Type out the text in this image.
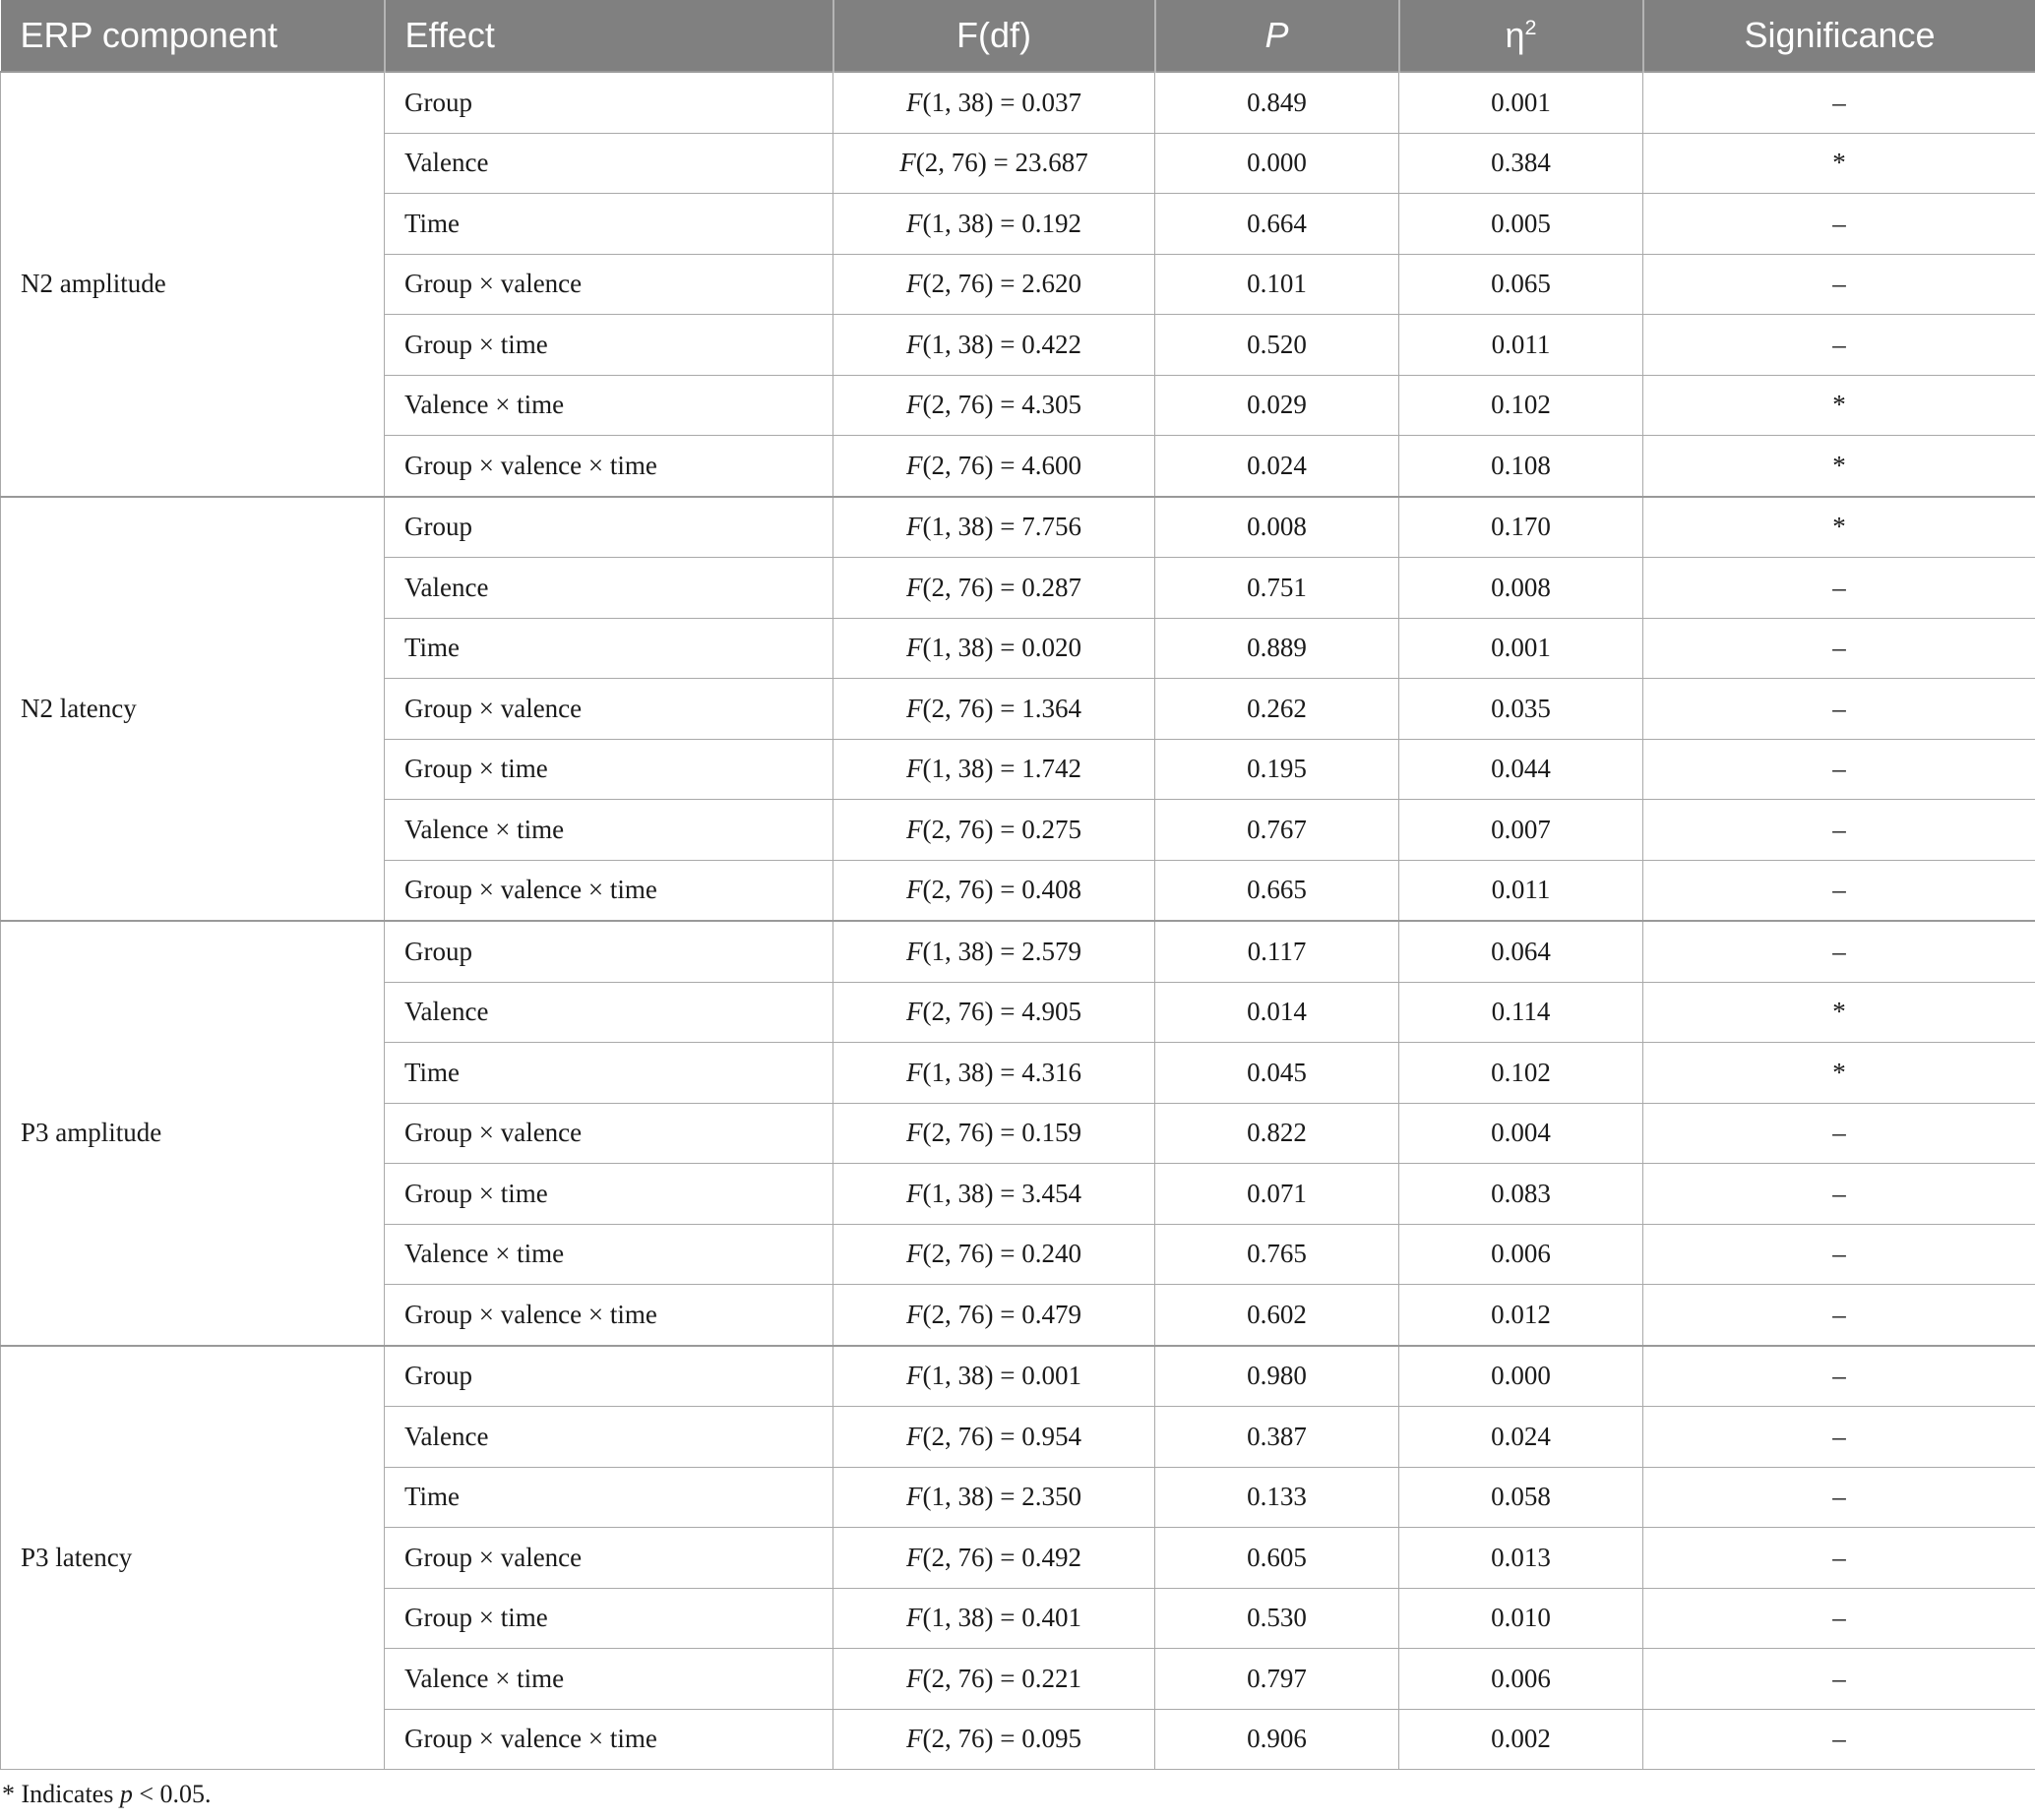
ERP component	Effect	F(df)	P	$\eta^2$	Significance
N2 amplitude	Group	F(1, 38) = 0.037	0.849	0.001	–
	Valence	F(2, 76) = 23.687	0.000	0.384	*
	Time	F(1, 38) = 0.192	0.664	0.005	–
	Group × valence	F(2, 76) = 2.620	0.101	0.065	–
	Group × time	F(1, 38) = 0.422	0.520	0.011	–
	Valence × time	F(2, 76) = 4.305	0.029	0.102	*
	Group × valence × time	F(2, 76) = 4.600	0.024	0.108	*
N2 latency	Group	F(1, 38) = 7.756	0.008	0.170	*
	Valence	F(2, 76) = 0.287	0.751	0.008	–
	Time	F(1, 38) = 0.020	0.889	0.001	–
	Group × valence	F(2, 76) = 1.364	0.262	0.035	–
	Group × time	F(1, 38) = 1.742	0.195	0.044	–
	Valence × time	F(2, 76) = 0.275	0.767	0.007	–
	Group × valence × time	F(2, 76) = 0.408	0.665	0.011	–
P3 amplitude	Group	F(1, 38) = 2.579	0.117	0.064	–
	Valence	F(2, 76) = 4.905	0.014	0.114	*
	Time	F(1, 38) = 4.316	0.045	0.102	*
	Group × valence	F(2, 76) = 0.159	0.822	0.004	–
	Group × time	F(1, 38) = 3.454	0.071	0.083	–
	Valence × time	F(2, 76) = 0.240	0.765	0.006	–
	Group × valence × time	F(2, 76) = 0.479	0.602	0.012	–
P3 latency	Group	F(1, 38) = 0.001	0.980	0.000	–
	Valence	F(2, 76) = 0.954	0.387	0.024	–
	Time	F(1, 38) = 2.350	0.133	0.058	–
	Group × valence	F(2, 76) = 0.492	0.605	0.013	–
	Group × time	F(1, 38) = 0.401	0.530	0.010	–
	Valence × time	F(2, 76) = 0.221	0.797	0.006	–
	Group × valence × time	F(2, 76) = 0.095	0.906	0.002	–
* Indicates p < 0.05.
